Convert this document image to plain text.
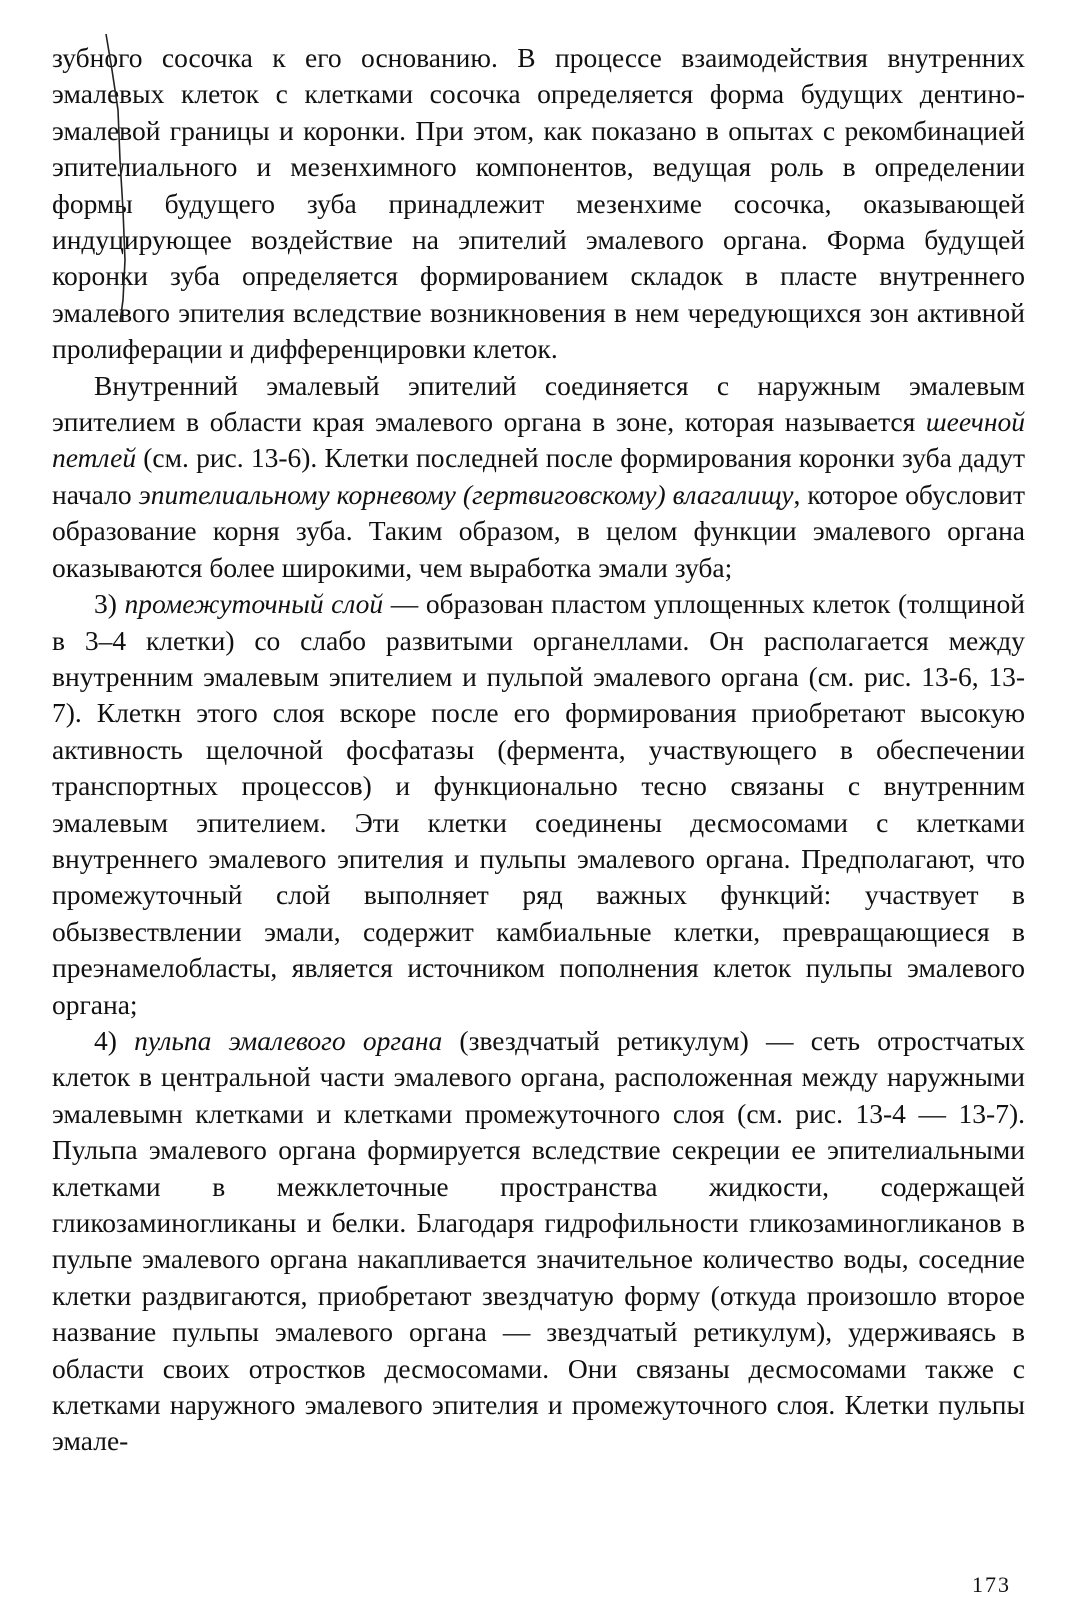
зубного сосочка к его основанию. В процессе взаимодействия внутренних эмалевых клеток с клетками сосочка определяется форма будущих дентино-эмалевой границы и коронки. При этом, как показано в опытах с рекомбинацией эпителиального и мезенхимного компонентов, ведущая роль в определении формы будущего зуба принадлежит мезенхиме сосочка, оказывающей индуцирующее воздействие на эпителий эмалевого органа. Форма будущей коронки зуба определяется формированием складок в пласте внутреннего эмалевого эпителия вследствие возникновения в нем чередующихся зон активной пролиферации и дифференцировки клеток.

Внутренний эмалевый эпителий соединяется с наружным эмалевым эпителием в области края эмалевого органа в зоне, которая называется шеечной петлей (см. рис. 13-6). Клетки последней после формирования коронки зуба дадут начало эпителиальному корневому (гертвиговскому) влагалищу, которое обусловит образование корня зуба. Таким образом, в целом функции эмалевого органа оказываются более широкими, чем выработка эмали зуба;

3) промежуточный слой — образован пластом уплощенных клеток (толщиной в 3–4 клетки) со слабо развитыми органеллами. Он располагается между внутренним эмалевым эпителием и пульпой эмалевого органа (см. рис. 13-6, 13-7). Клеткн этого слоя вскоре после его формирования приобретают высокую активность щелочной фосфатазы (фермента, участвующего в обеспечении транспортных процессов) и функционально тесно связаны с внутренним эмалевым эпителием. Эти клетки соединены десмосомами с клетками внутреннего эмалевого эпителия и пульпы эмалевого органа. Предполагают, что промежуточный слой выполняет ряд важных функций: участвует в обызвествлении эмали, содержит камбиальные клетки, превращающиеся в преэнамелобласты, является источником пополнения клеток пульпы эмалевого органа;

4) пульпа эмалевого органа (звездчатый ретикулум) — сеть отростчатых клеток в центральной части эмалевого органа, расположенная между наружными эмалевымн клетками и клетками промежуточного слоя (см. рис. 13-4 — 13-7). Пульпа эмалевого органа формируется вследствие секреции ее эпителиальными клетками в межклеточные пространства жидкости, содержащей гликозаминогликаны и белки. Благодаря гидрофильности гликозаминогликанов в пульпе эмалевого органа накапливается значительное количество воды, соседние клетки раздвигаются, приобретают звездчатую форму (откуда произошло второе название пульпы эмалевого органа — звездчатый ретикулум), удерживаясь в области своих отростков десмосомами. Они связаны десмосомами также с клетками наружного эмалевого эпителия и промежуточного слоя. Клетки пульпы эмале-

173
